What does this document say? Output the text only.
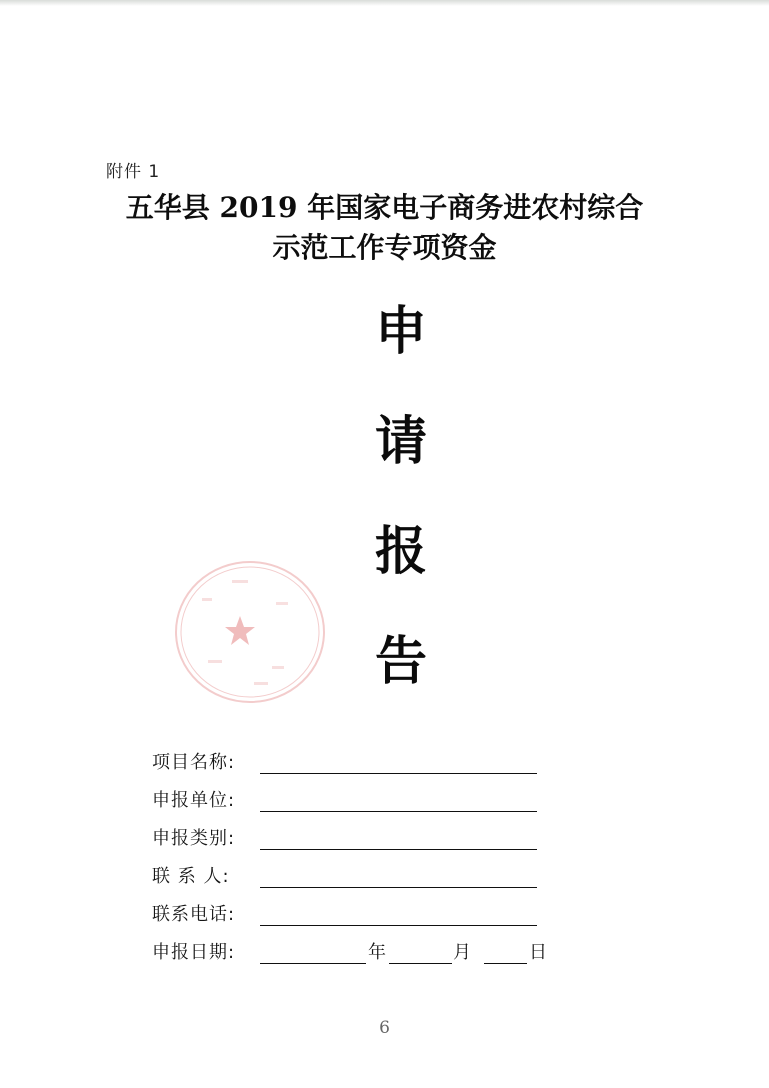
附件 1
五华县 2019 年国家电子商务进农村综合
示范工作专项资金
申
请
报
告
项目名称:
申报单位:
申报类别:
联 系 人:
联系电话:
申报日期:	年	月	日
6
